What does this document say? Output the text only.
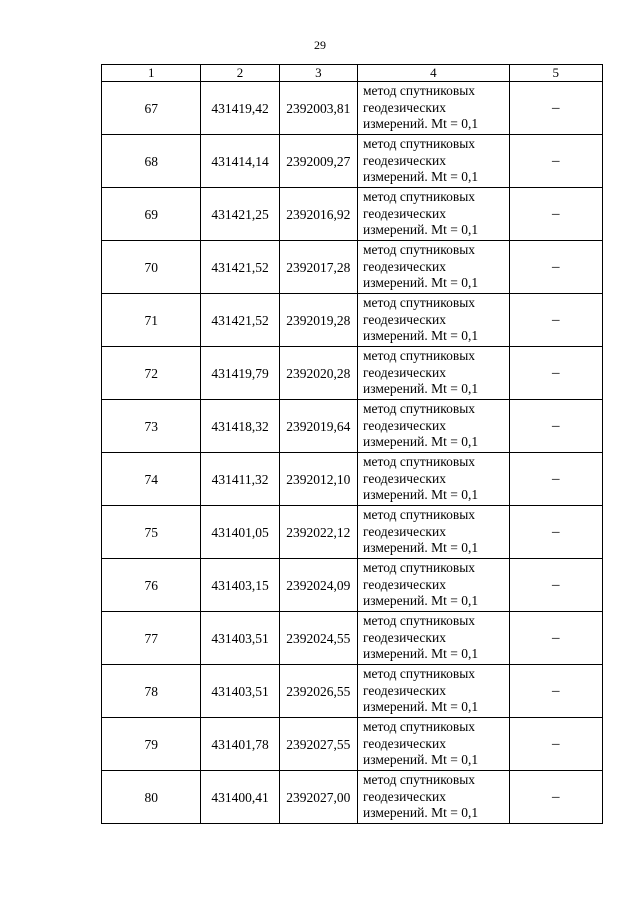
29
1	2	3	4	5
67	431419,42	2392003,81	метод спутниковых
геодезических
измерений. Mt = 0,1	–
68	431414,14	2392009,27	метод спутниковых
геодезических
измерений. Mt = 0,1	–
69	431421,25	2392016,92	метод спутниковых
геодезических
измерений. Mt = 0,1	–
70	431421,52	2392017,28	метод спутниковых
геодезических
измерений. Mt = 0,1	–
71	431421,52	2392019,28	метод спутниковых
геодезических
измерений. Mt = 0,1	–
72	431419,79	2392020,28	метод спутниковых
геодезических
измерений. Mt = 0,1	–
73	431418,32	2392019,64	метод спутниковых
геодезических
измерений. Mt = 0,1	–
74	431411,32	2392012,10	метод спутниковых
геодезических
измерений. Mt = 0,1	–
75	431401,05	2392022,12	метод спутниковых
геодезических
измерений. Mt = 0,1	–
76	431403,15	2392024,09	метод спутниковых
геодезических
измерений. Mt = 0,1	–
77	431403,51	2392024,55	метод спутниковых
геодезических
измерений. Mt = 0,1	–
78	431403,51	2392026,55	метод спутниковых
геодезических
измерений. Mt = 0,1	–
79	431401,78	2392027,55	метод спутниковых
геодезических
измерений. Mt = 0,1	–
80	431400,41	2392027,00	метод спутниковых
геодезических
измерений. Mt = 0,1	–
